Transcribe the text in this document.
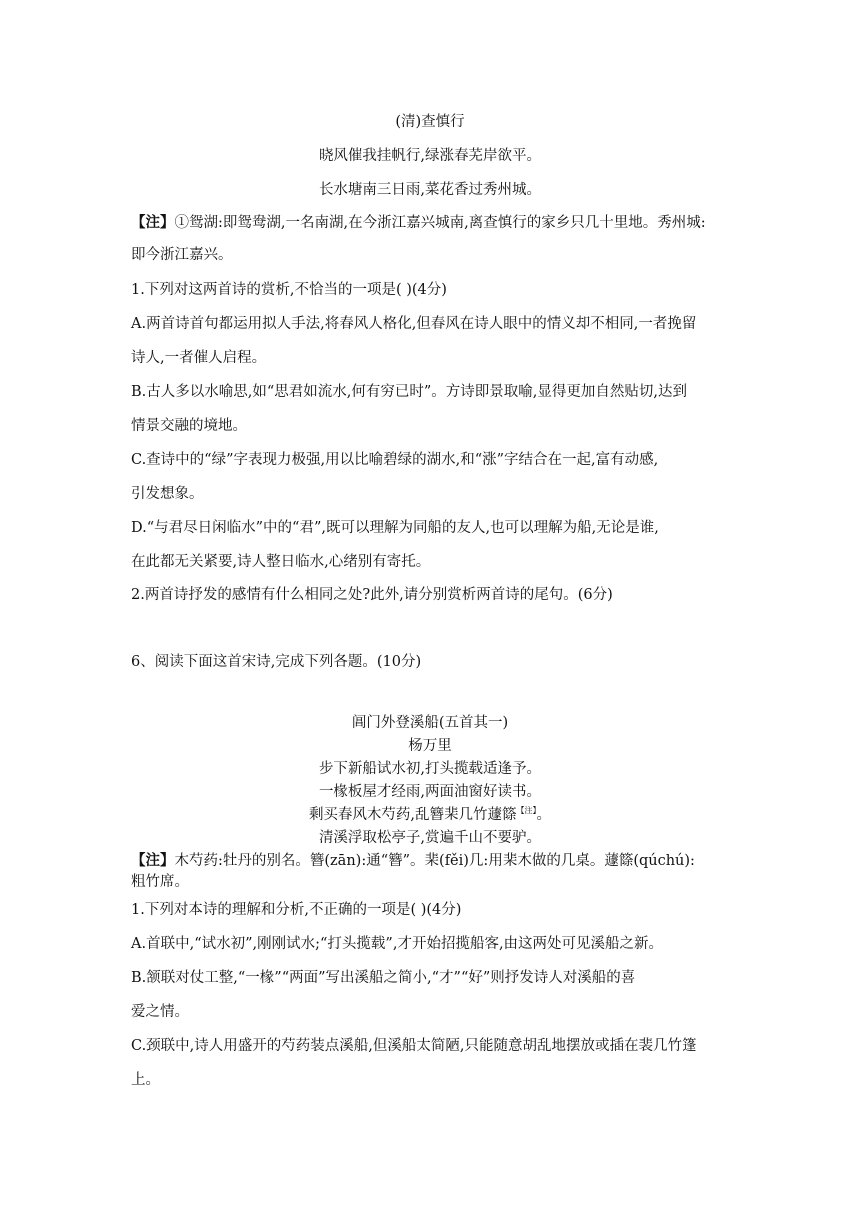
(清)查慎行
晓风催我挂帆行,绿涨春芜岸欲平。
长水塘南三日雨,菜花香过秀州城。
【注】①鸳湖:即鸳鸯湖,一名南湖,在今浙江嘉兴城南,离查慎行的家乡只几十里地。秀州城:
即今浙江嘉兴。
1.下列对这两首诗的赏析,不恰当的一项是( )(4分)
A.两首诗首句都运用拟人手法,将春风人格化,但春风在诗人眼中的情义却不相同,一者挽留
诗人,一者催人启程。
B.古人多以水喻思,如“思君如流水,何有穷已时”。方诗即景取喻,显得更加自然贴切,达到
情景交融的境地。
C.查诗中的“绿”字表现力极强,用以比喻碧绿的湖水,和“涨”字结合在一起,富有动感,
引发想象。
D.“与君尽日闲临水”中的“君”,既可以理解为同船的友人,也可以理解为船,无论是谁,
在此都无关紧要,诗人整日临水,心绪别有寄托。
2.两首诗抒发的感情有什么相同之处?此外,请分别赏析两首诗的尾句。(6分)
6、阅读下面这首宋诗,完成下列各题。(10分)
阊门外登溪船(五首其一)
杨万里
步下新船试水初,打头揽载适逢予。
一椽板屋才经雨,两面油窗好读书。
剩买春风木芍药,乱簪棐几竹蘧篨$^{【注】}$。
清溪浮取松亭子,赏遍千山不要驴。
【注】木芍药:牡丹的别名。簪(zān):通“簪”。棐(fěi)几:用棐木做的几桌。蘧篨(qúchú):
粗竹席。
1.下列对本诗的理解和分析,不正确的一项是( )(4分)
A.首联中,“试水初”,刚刚试水;“打头揽载”,才开始招揽船客,由这两处可见溪船之新。
B.颔联对仗工整,“一椽”“两面”写出溪船之简小,“才”“好”则抒发诗人对溪船的喜
爱之情。
C.颈联中,诗人用盛开的芍药装点溪船,但溪船太简陋,只能随意胡乱地摆放或插在裴几竹篷
上。
